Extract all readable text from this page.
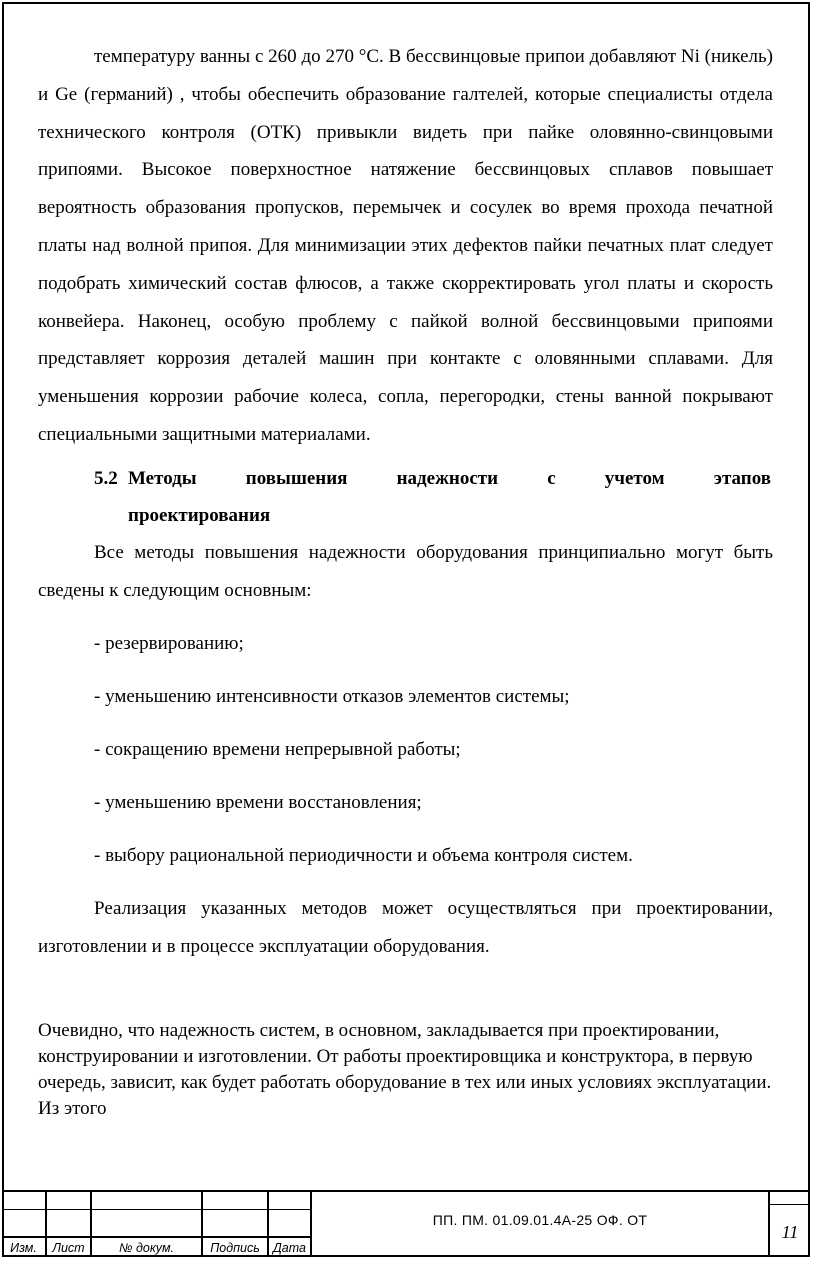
температуру ванны с 260 до 270 °С. В бессвинцовые припои добавляют Ni (никель) и Ge (германий) , чтобы обеспечить образование галтелей, которые специалисты отдела технического контроля (ОТК) привыкли видеть при пайке оловянно-свинцовыми припоями. Высокое поверхностное натяжение бессвинцовых сплавов повышает вероятность образования пропусков, перемычек и сосулек во время прохода печатной платы над волной припоя. Для минимизации этих дефектов пайки печатных плат следует подобрать химический состав флюсов, а также скорректировать угол платы и скорость конвейера. Наконец, особую проблему с пайкой волной бессвинцовыми припоями представляет коррозия деталей машин при контакте с оловянными сплавами. Для уменьшения коррозии рабочие колеса, сопла, перегородки, стены ванной покрывают специальными защитными материалами.

5.2 Методы повышения надежности с учетом этапов
проектирования

Все методы повышения надежности оборудования принципиально могут быть сведены к следующим основным:

- резервированию;

- уменьшению интенсивности отказов элементов системы;

- сокращению времени непрерывной работы;

- уменьшению времени восстановления;

- выбору рациональной периодичности и объема контроля систем.

Реализация указанных методов может осуществляться при проектировании, изготовлении и в процессе эксплуатации оборудования.

Очевидно, что надежность систем, в основном, закладывается при проектировании, конструировании и изготовлении. От работы проектировщика и конструктора, в первую очередь, зависит, как будет работать оборудование в тех или иных условиях эксплуатации. Из этого

Изм.	Лист	№ докум.	Подпись	Дата
ПП. ПМ. 01.09.01.4А-25 ОФ. ОТ
11
